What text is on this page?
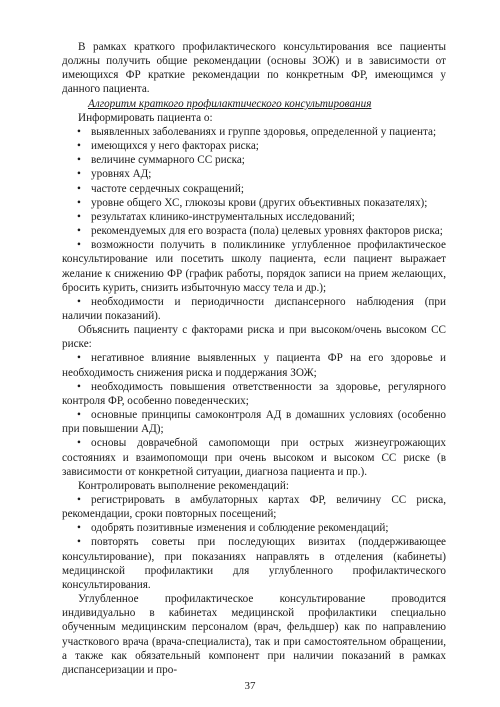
В рамках краткого профилактического консультирования все пациенты должны получить общие рекомендации (основы ЗОЖ) и в зависимости от имеющихся ФР краткие рекомендации по конкретным ФР, имеющимся у данного пациента.

Алгоритм краткого профилактического консультирования

Информировать пациента о:

• выявленных заболеваниях и группе здоровья, определенной у пациента;

• имеющихся у него факторах риска;

• величине суммарного СС риска;

• уровнях АД;

• частоте сердечных сокращений;

• уровне общего ХС, глюкозы крови (других объективных показателях);

• результатах клинико-инструментальных исследований;

• рекомендуемых для его возраста (пола) целевых уровнях факторов риска;

• возможности получить в поликлинике углубленное профилактическое консультирование или посетить школу пациента, если пациент выражает желание к снижению ФР (график работы, порядок записи на прием желающих, бросить курить, снизить избыточную массу тела и др.);

• необходимости и периодичности диспансерного наблюдения (при наличии показаний).

Объяснить пациенту с факторами риска и при высоком/очень высоком СС риске:

• негативное влияние выявленных у пациента ФР на его здоровье и необходимость снижения риска и поддержания ЗОЖ;

• необходимость повышения ответственности за здоровье, регулярного контроля ФР, особенно поведенческих;

• основные принципы самоконтроля АД в домашних условиях (особенно при повышении АД);

• основы доврачебной самопомощи при острых жизнеугрожающих состояниях и взаимопомощи при очень высоком и высоком СС риске (в зависимости от конкретной ситуации, диагноза пациента и пр.).

Контролировать выполнение рекомендаций:

• регистрировать в амбулаторных картах ФР, величину СС риска, рекомендации, сроки повторных посещений;

• одобрять позитивные изменения и соблюдение рекомендаций;

• повторять советы при последующих визитах (поддерживающее консультирование), при показаниях направлять в отделения (кабинеты) медицинской профилактики для углубленного профилактического консультирования.

Углубленное профилактическое консультирование проводится индивидуально в кабинетах медицинской профилактики специально обученным медицинским персоналом (врач, фельдшер) как по направлению участкового врача (врача-специалиста), так и при самостоятельном обращении, а также как обязательный компонент при наличии показаний в рамках диспансеризации и про-

37
